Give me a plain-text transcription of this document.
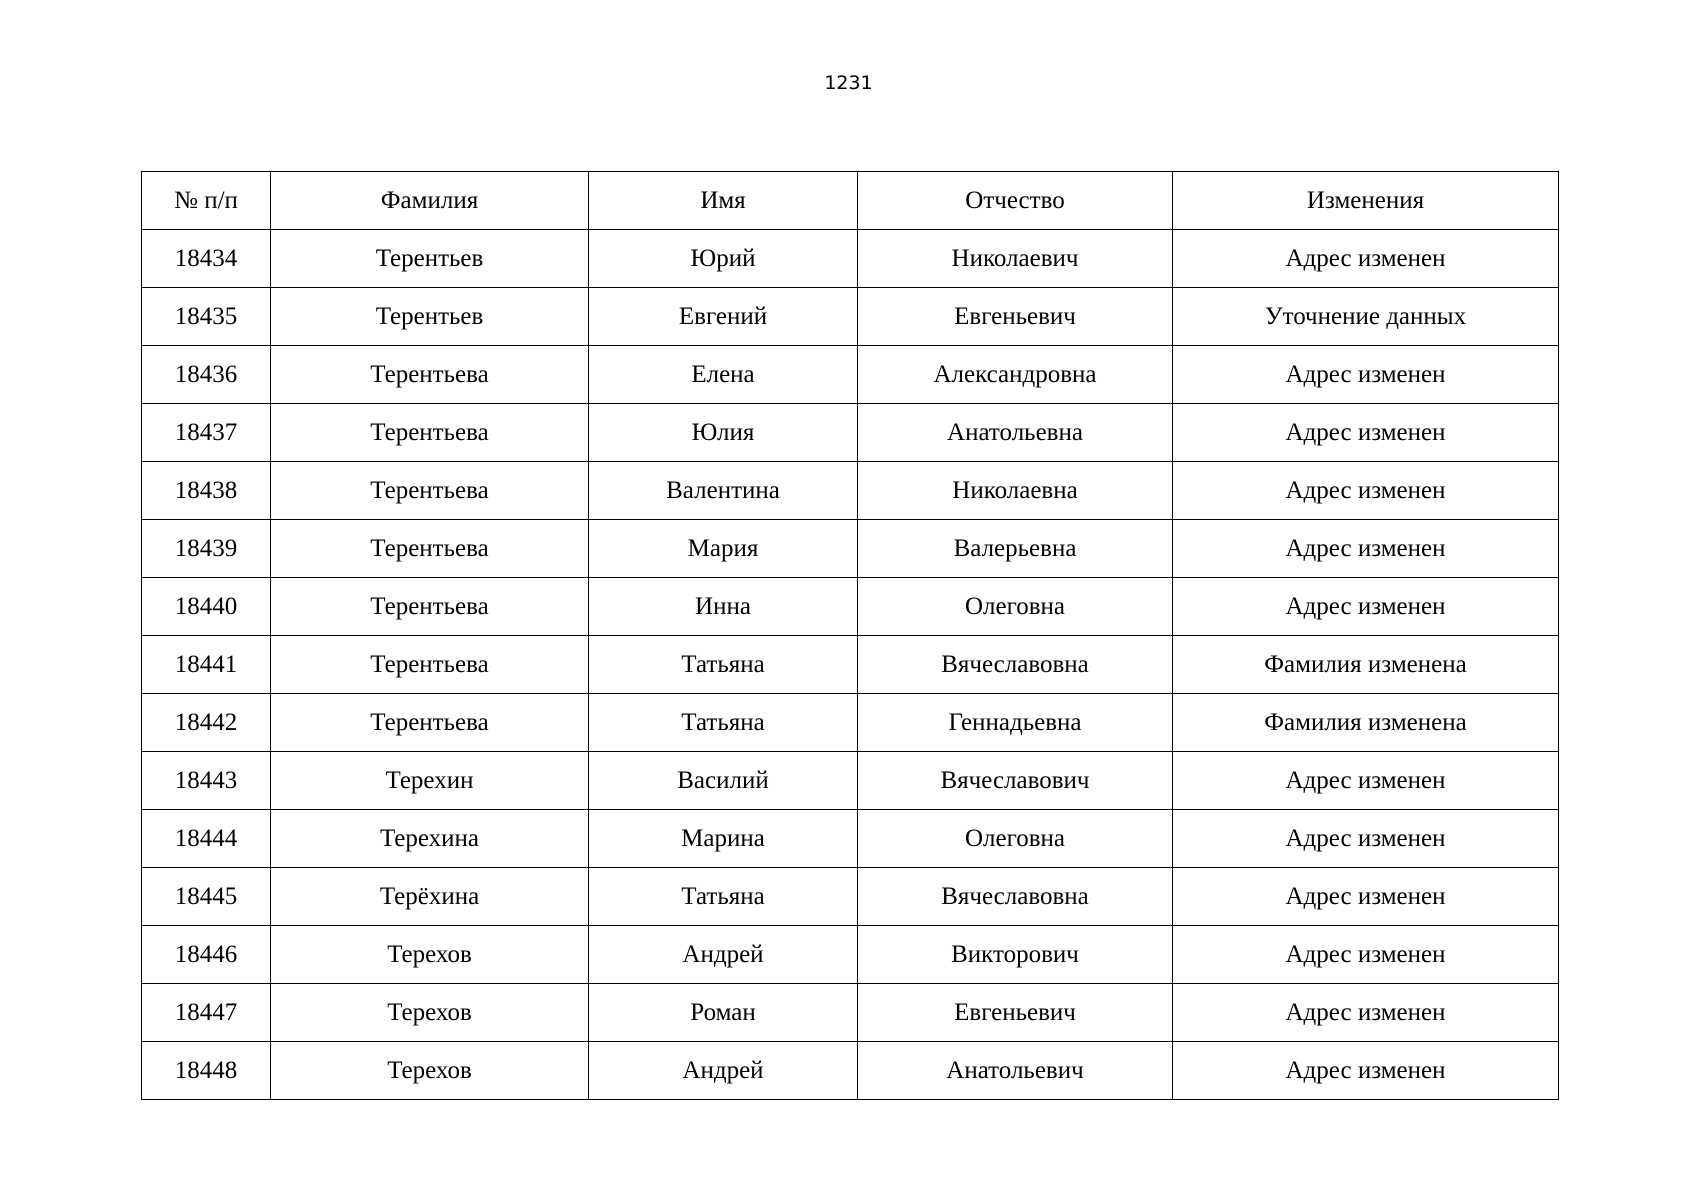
1231
№ п/п	Фамилия	Имя	Отчество	Изменения
18434	Терентьев	Юрий	Николаевич	Адрес изменен
18435	Терентьев	Евгений	Евгеньевич	Уточнение данных
18436	Терентьева	Елена	Александровна	Адрес изменен
18437	Терентьева	Юлия	Анатольевна	Адрес изменен
18438	Терентьева	Валентина	Николаевна	Адрес изменен
18439	Терентьева	Мария	Валерьевна	Адрес изменен
18440	Терентьева	Инна	Олеговна	Адрес изменен
18441	Терентьева	Татьяна	Вячеславовна	Фамилия изменена
18442	Терентьева	Татьяна	Геннадьевна	Фамилия изменена
18443	Терехин	Василий	Вячеславович	Адрес изменен
18444	Терехина	Марина	Олеговна	Адрес изменен
18445	Терёхина	Татьяна	Вячеславовна	Адрес изменен
18446	Терехов	Андрей	Викторович	Адрес изменен
18447	Терехов	Роман	Евгеньевич	Адрес изменен
18448	Терехов	Андрей	Анатольевич	Адрес изменен
